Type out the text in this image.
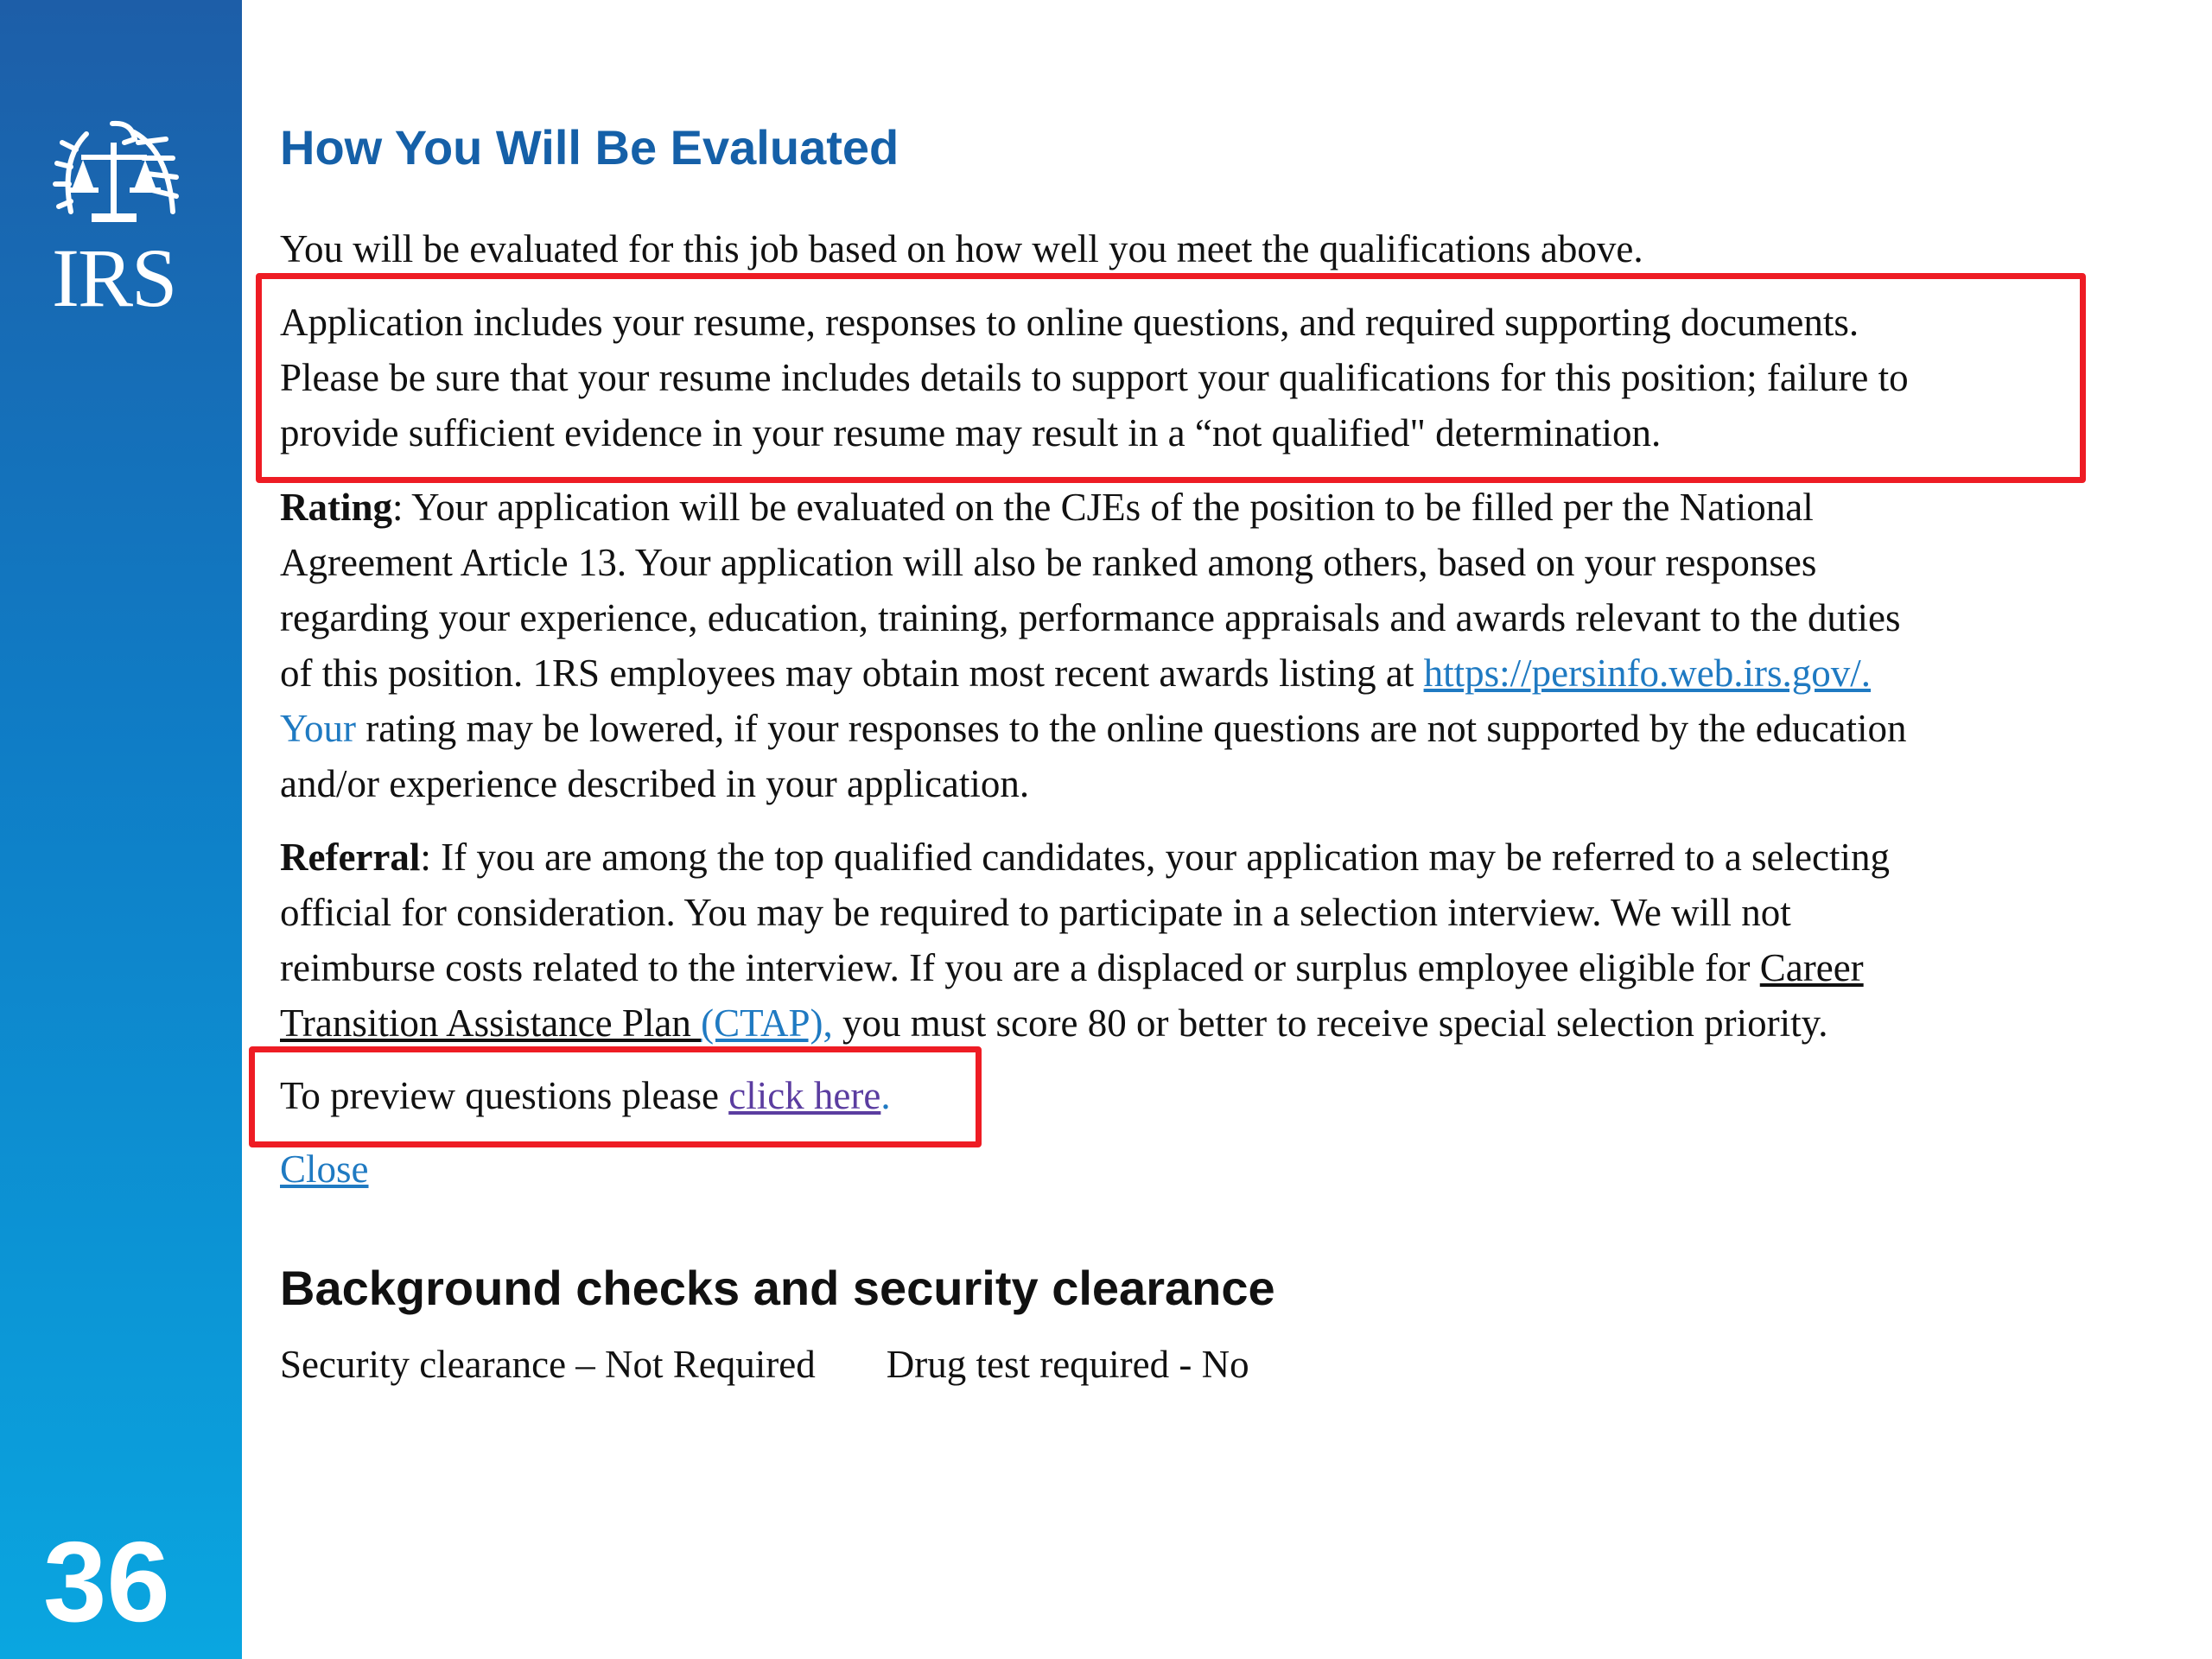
IRS
36
How You Will Be Evaluated

You will be evaluated for this job based on how well you meet the qualifications above.

Application includes your resume, responses to online questions, and required supporting documents.
Please be sure that your resume includes details to support your qualifications for this position; failure to
provide sufficient evidence in your resume may result in a “not qualified" determination.

Rating: Your application will be evaluated on the CJEs of the position to be filled per the National
Agreement Article 13. Your application will also be ranked among others, based on your responses
regarding your experience, education, training, performance appraisals and awards relevant to the duties
of this position. 1RS employees may obtain most recent awards listing at https://persinfo.web.irs.gov/.
Your rating may be lowered, if your responses to the online questions are not supported by the education
and/or experience described in your application.

Referral: If you are among the top qualified candidates, your application may be referred to a selecting
official for consideration. You may be required to participate in a selection interview. We will not
reimburse costs related to the interview. If you are a displaced or surplus employee eligible for Career
Transition Assistance Plan (CTAP), you must score 80 or better to receive special selection priority.

To preview questions please click here.

Close

Background checks and security clearance

Security clearance – Not Required Drug test required - No
